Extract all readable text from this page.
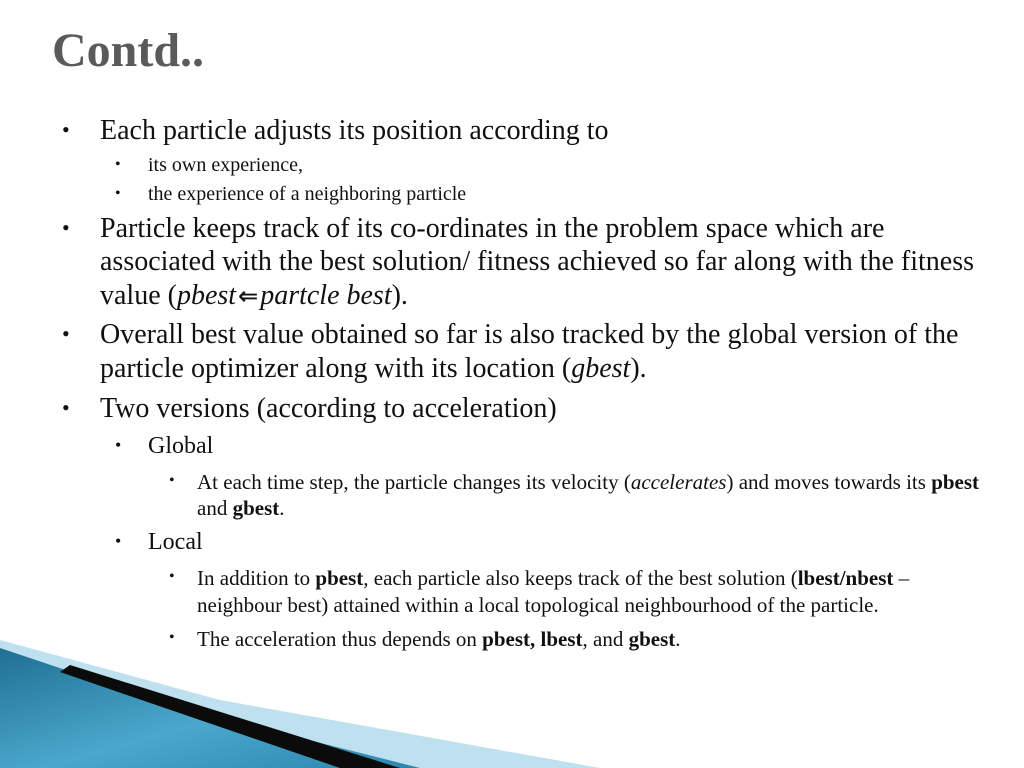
Contd..
• Each particle adjusts its position according to
• its own experience,
• the experience of a neighboring particle
• Particle keeps track of its co-ordinates in the problem space which are associated with the best solution/ fitness achieved so far along with the fitness value (pbest⇐partcle best).
• Overall best value obtained so far is also tracked by the global version of the particle optimizer along with its location (gbest).
• Two versions (according to acceleration)
• Global
• At each time step, the particle changes its velocity (accelerates) and moves towards its pbest and gbest.
• Local
• In addition to pbest, each particle also keeps track of the best solution (lbest/nbest – neighbour best) attained within a local topological neighbourhood of the particle.
• The acceleration thus depends on pbest, lbest, and gbest.
